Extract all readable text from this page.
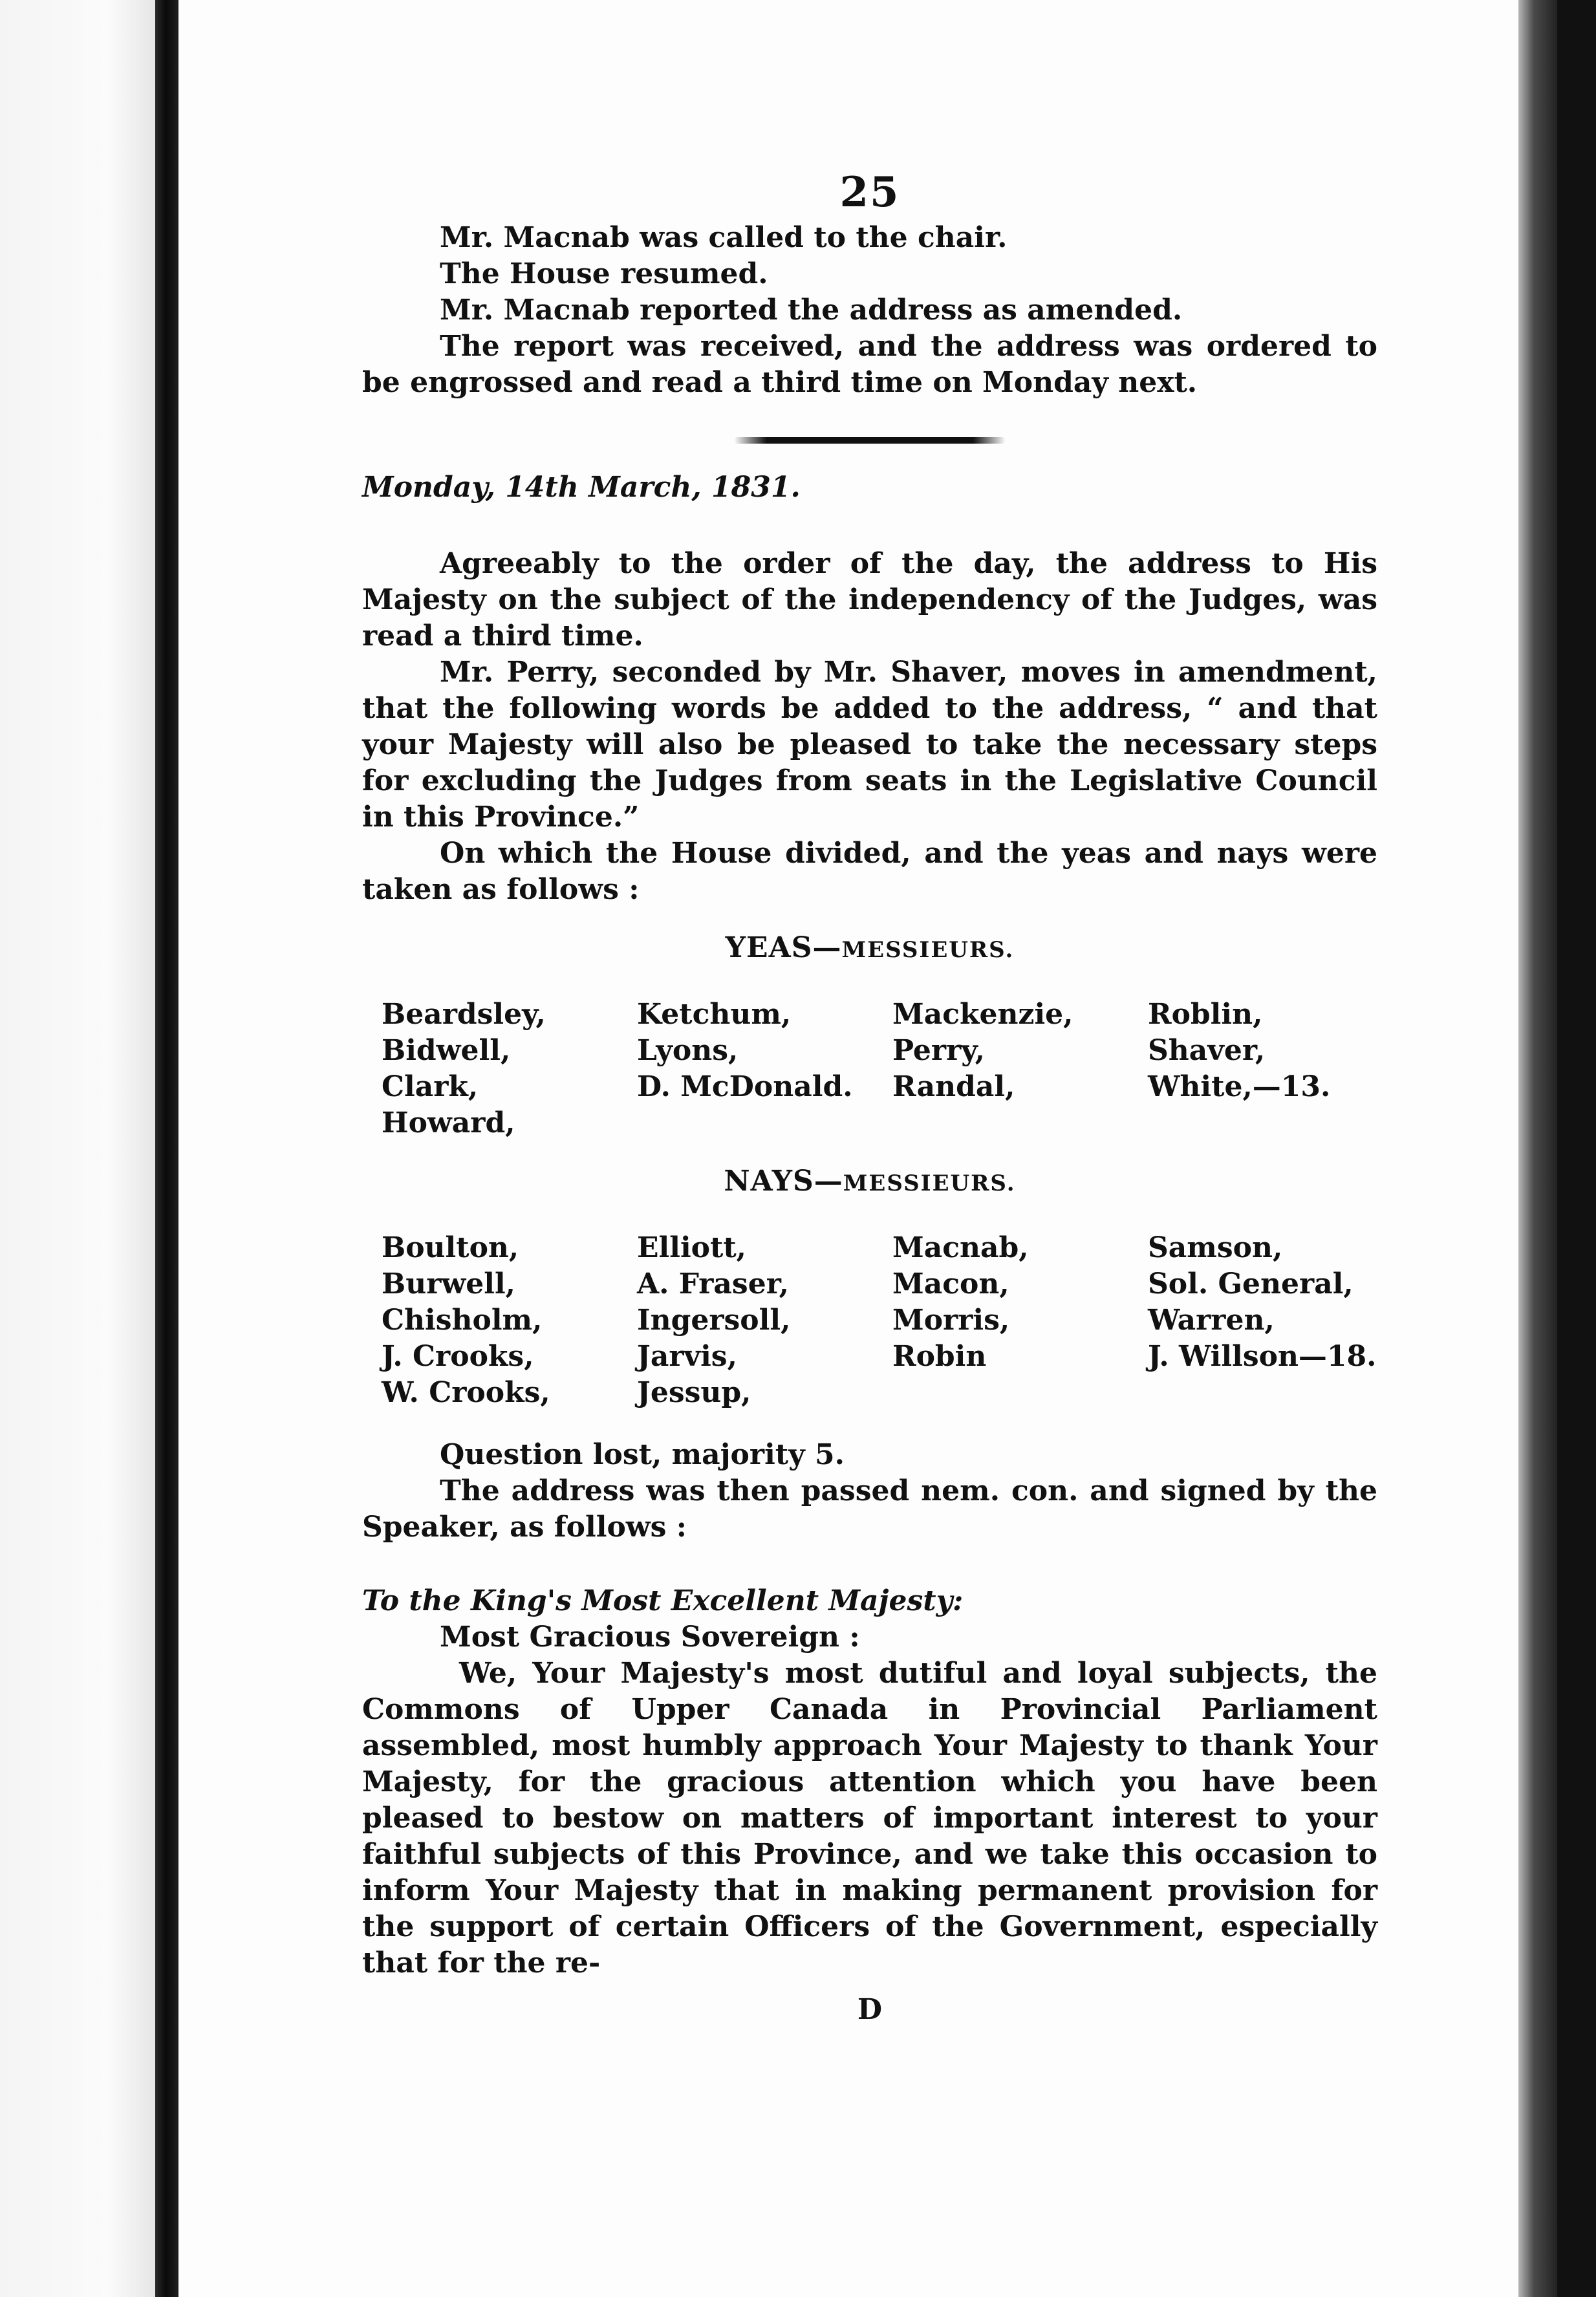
25

Mr. Macnab was called to the chair.

The House resumed.

Mr. Macnab reported the address as amended.

The report was received, and the address was ordered to be engrossed and read a third time on Monday next.

Monday, 14th March, 1831.

Agreeably to the order of the day, the address to His Majesty on the subject of the independency of the Judges, was read a third time.

Mr. Perry, seconded by Mr. Shaver, moves in amendment, that the following words be added to the address, “ and that your Majesty will also be pleased to take the necessary steps for excluding the Judges from seats in the Legislative Council in this Province.”

On which the House divided, and the yeas and nays were taken as follows :

YEAS—MESSIEURS.
Beardsley,
Bidwell,
Clark,
Howard,
Ketchum,
Lyons,
D. McDonald.
Mackenzie,
Perry,
Randal,
Roblin,
Shaver,
White,—13.
NAYS—MESSIEURS.
Boulton,
Burwell,
Chisholm,
J. Crooks,
W. Crooks,
Elliott,
A. Fraser,
Ingersoll,
Jarvis,
Jessup,
Macnab,
Macon,
Morris,
Robin
Samson,
Sol. General,
Warren,
J. Willson—18.

Question lost, majority 5.

The address was then passed nem. con. and signed by the Speaker, as follows :

To the King's Most Excellent Majesty:

Most Gracious Sovereign :

We, Your Majesty's most dutiful and loyal subjects, the Commons of Upper Canada in Provincial Parliament assembled, most humbly approach Your Majesty to thank Your Majesty, for the gracious attention which you have been pleased to bestow on matters of important interest to your faithful subjects of this Province, and we take this occasion to inform Your Majesty that in making permanent provision for the support of certain Officers of the Government, especially that for the re-

D
